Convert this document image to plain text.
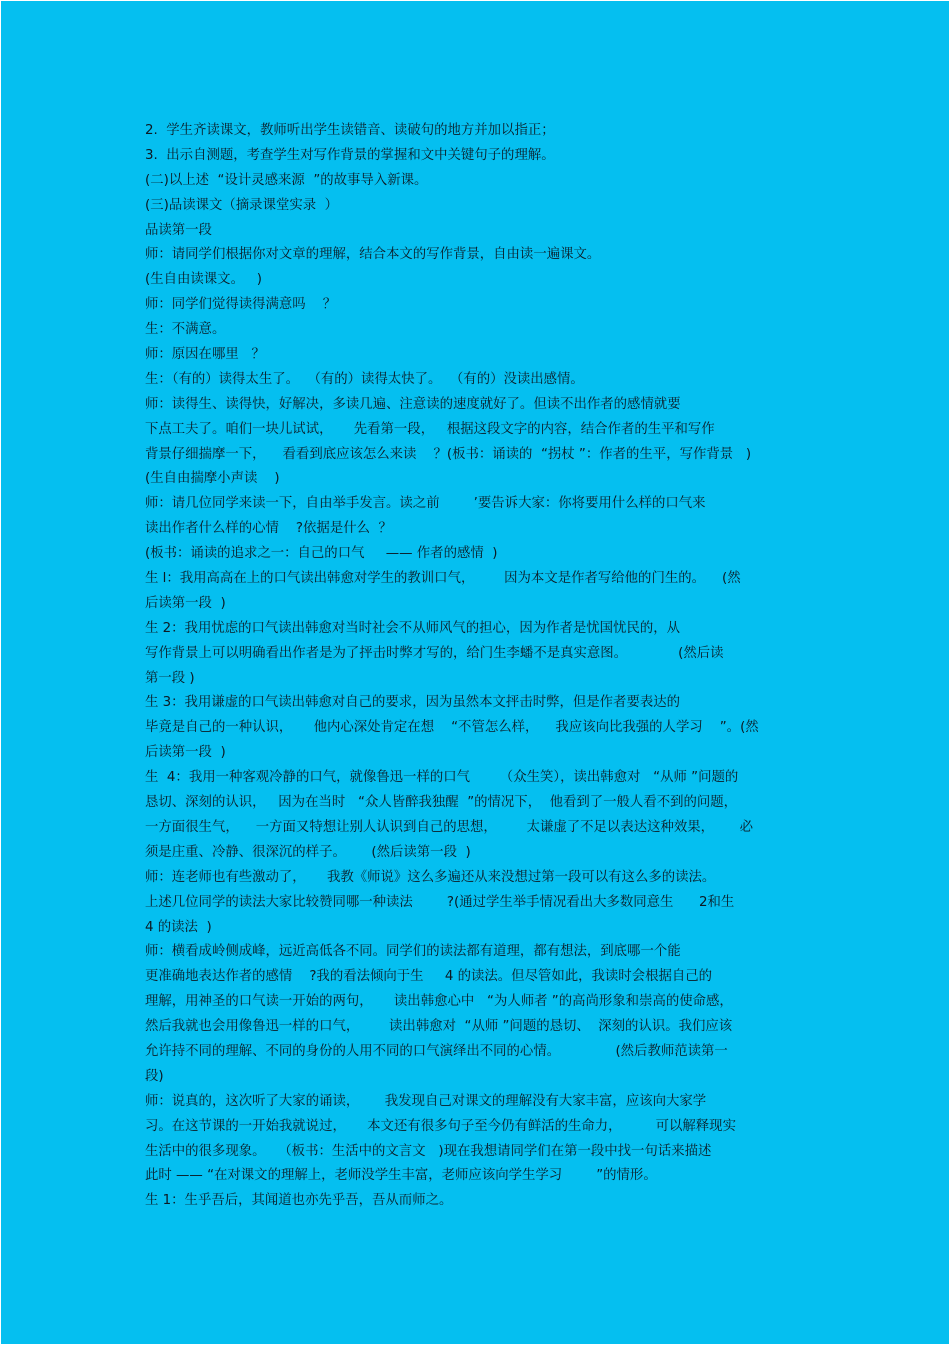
2.  学生齐读课文，教师听出学生读错音、读破句的地方并加以指正；
3.  出示自测题，考查学生对写作背景的掌握和文中关键句子的理解。
(二)以上述  “设计灵感来源  ”的故事导入新课。
(三)品读课文（摘录课堂实录  ）
品读第一段
师：请同学们根据你对文章的理解，结合本文的写作背景，自由读一遍课文。
(生自由读课文。   )
师：同学们觉得读得满意吗    ？
生：不满意。
师：原因在哪里   ？
生：（有的）读得太生了。  （有的）读得太快了。  （有的）没读出感情。
师：读得生、读得快，好解决，多读几遍、注意读的速度就好了。但读不出作者的感情就要
下点工夫了。咱们一块儿试试，     先看第一段，   根据这段文字的内容，结合作者的生平和写作
背景仔细揣摩一下，    看看到底应该怎么来读    ？(板书：诵读的  “拐杖 ”：作者的生平，写作背景   )
(生自由揣摩小声读    )
师：请几位同学来读一下，自由举手发言。读之前        ’要告诉大家：你将要用什么样的口气来
读出作者什么样的心情    ?依据是什么  ？
(板书：诵读的追求之一：自己的口气     —— 作者的感情  )
生 l：我用高高在上的口气读出韩愈对学生的教训口气，       因为本文是作者写给他的门生的。    (然
后读第一段  )
生 2：我用忧虑的口气读出韩愈对当时社会不从师风气的担心，因为作者是忧国忧民的，从
写作背景上可以明确看出作者是为了抨击时弊才写的，给门生李蟠不是真实意图。            (然后读
第一段 )
生 3：我用谦虚的口气读出韩愈对自己的要求，因为虽然本文抨击时弊，但是作者要表达的
毕竟是自己的一种认识，     他内心深处肯定在想    “不管怎么样，    我应该向比我强的人学习    ”。(然
后读第一段  )
生  4：我用一种客观冷静的口气，就像鲁迅一样的口气       （众生笑），读出韩愈对   “从师 ”问题的
恳切、深刻的认识，   因为在当时   “众人皆醉我独醒  ”的情况下，  他看到了一般人看不到的问题，
一方面很生气，    一方面又特想让别人认识到自己的思想，       太谦虚了不足以表达这种效果，      必
须是庄重、冷静、很深沉的样子。      (然后读第一段  )
师：连老师也有些激动了，     我教《师说》这么多遍还从来没想过第一段可以有这么多的读法。
上述几位同学的读法大家比较赞同哪一种读法        ?(通过学生举手情况看出大多数同意生      2和生
4 的读法  )
师：横看成岭侧成峰，远近高低各不同。同学们的读法都有道理，都有想法，到底哪一个能
更准确地表达作者的感情    ?我的看法倾向于生     4 的读法。但尽管如此，我读时会根据自己的
理解，用神圣的口气读一开始的两句，     读出韩愈心中   “为人师者 ”的高尚形象和崇高的使命感，
然后我就也会用像鲁迅一样的口气，       读出韩愈对  “从师 ”问题的恳切、  深刻的认识。我们应该
允许持不同的理解、不同的身份的人用不同的口气演绎出不同的心情。             (然后教师范读第一
段)
师：说真的，这次听了大家的诵读，      我发现自己对课文的理解没有大家丰富，应该向大家学
习。在这节课的一开始我就说过，     本文还有很多句子至今仍有鲜活的生命力，        可以解释现实
生活中的很多现象。   （板书：生活中的文言文   )现在我想请同学们在第一段中找一句话来描述
此时 —— “在对课文的理解上，老师没学生丰富，老师应该向学生学习        ”的情形。
生 1：生乎吾后，其闻道也亦先乎吾，吾从而师之。
